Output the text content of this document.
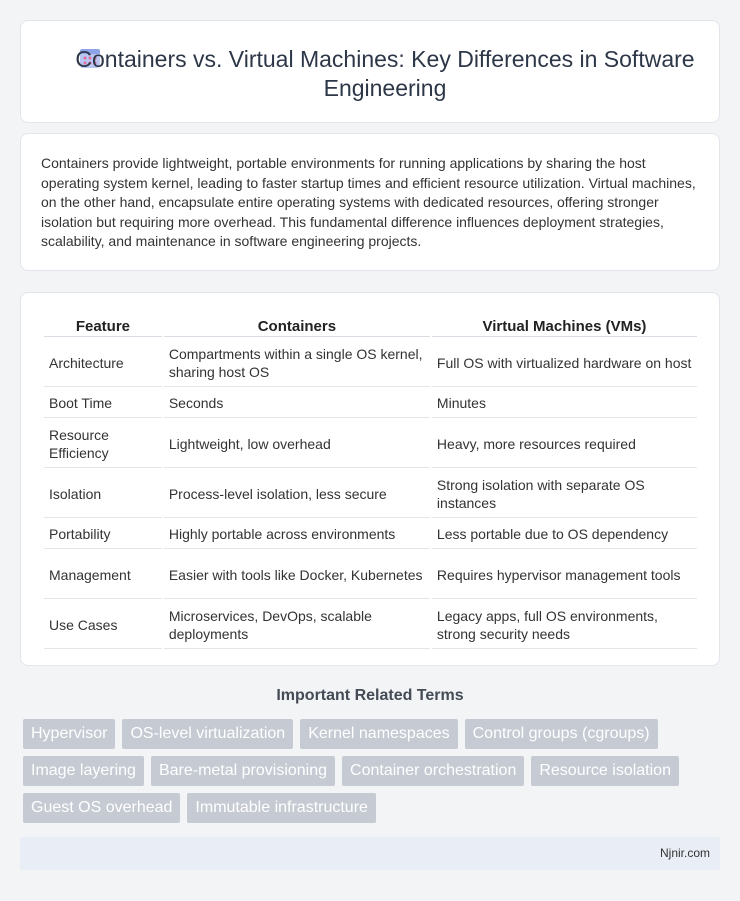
Containers vs. Virtual Machines: Key Differences in Software Engineering

Containers provide lightweight, portable environments for running applications by sharing the host operating system kernel, leading to faster startup times and efficient resource utilization. Virtual machines, on the other hand, encapsulate entire operating systems with dedicated resources, offering stronger isolation but requiring more overhead. This fundamental difference influences deployment strategies, scalability, and maintenance in software engineering projects.

Feature	Containers	Virtual Machines (VMs)
Architecture	Compartments within a single OS kernel, sharing host OS	Full OS with virtualized hardware on host
Boot Time	Seconds	Minutes
Resource Efficiency	Lightweight, low overhead	Heavy, more resources required
Isolation	Process-level isolation, less secure	Strong isolation with separate OS instances
Portability	Highly portable across environments	Less portable due to OS dependency
Management	Easier with tools like Docker, Kubernetes	Requires hypervisor management tools
Use Cases	Microservices, DevOps, scalable deployments	Legacy apps, full OS environments, strong security needs
Important Related Terms
Hypervisor	OS-level virtualization	Kernel namespaces	Control groups (cgroups)
Image layering	Bare-metal provisioning	Container orchestration	Resource isolation
Guest OS overhead	Immutable infrastructure
Njnir.com
